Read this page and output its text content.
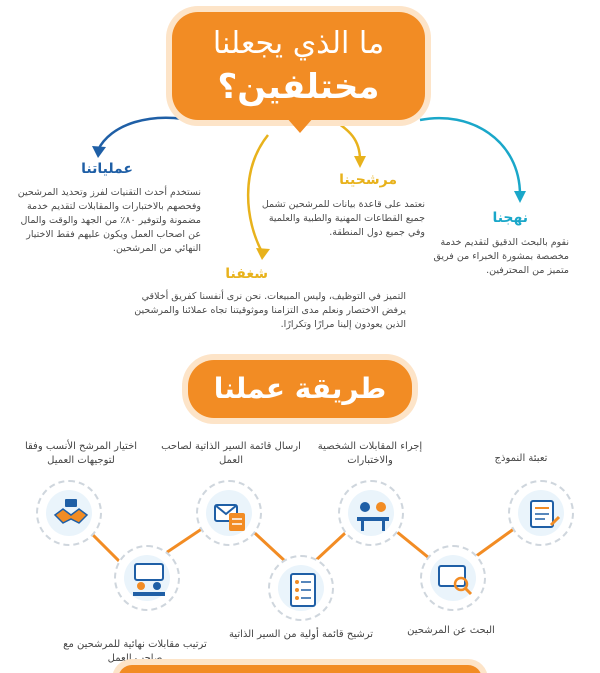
ما الذي يجعلنا
مختلفين؟
عملياتنا
نستخدم أحدث التقنيات لفرز وتحديد المرشحين وفحصهم بالاختبارات والمقابلات لتقديم خدمة مضمونة ولتوفير ٨٠٪ من الجهد والوقت والمال عن اصحاب العمل ويكون عليهم فقط الاختيار النهائي من المرشحين.
مرشحينا
نعتمد على قاعدة بيانات للمرشحين تشمل جميع القطاعات المهنية والطبية والعلمية وفي جميع دول المنطقة.
نهجنا
نقوم بالبحث الدقيق لتقديم خدمة مخصصة بمشورة الخبراء من فريق متميز من المحترفين.
شغفنا
التميز في التوظيف، وليس المبيعات. نحن نرى أنفسنا كفريق أخلاقي يرفض الاختصار ونعلم مدى التزامنا وموثوقيتنا تجاه عملائنا والمرشحين الذين يعودون إلينا مرارًا وتكرارًا.
طريقة عملنا
تعبئة النموذج
إجراء المقابلات الشخصية والاختبارات
ارسال قائمة السير الذاتية لصاحب العمل
اختيار المرشح الأنسب وفقا لتوجيهات العميل
البحث عن المرشحين
ترشيح قائمة أولية من السير الذاتية
ترتيب مقابلات نهائية للمرشحين مع صاحب العمل
